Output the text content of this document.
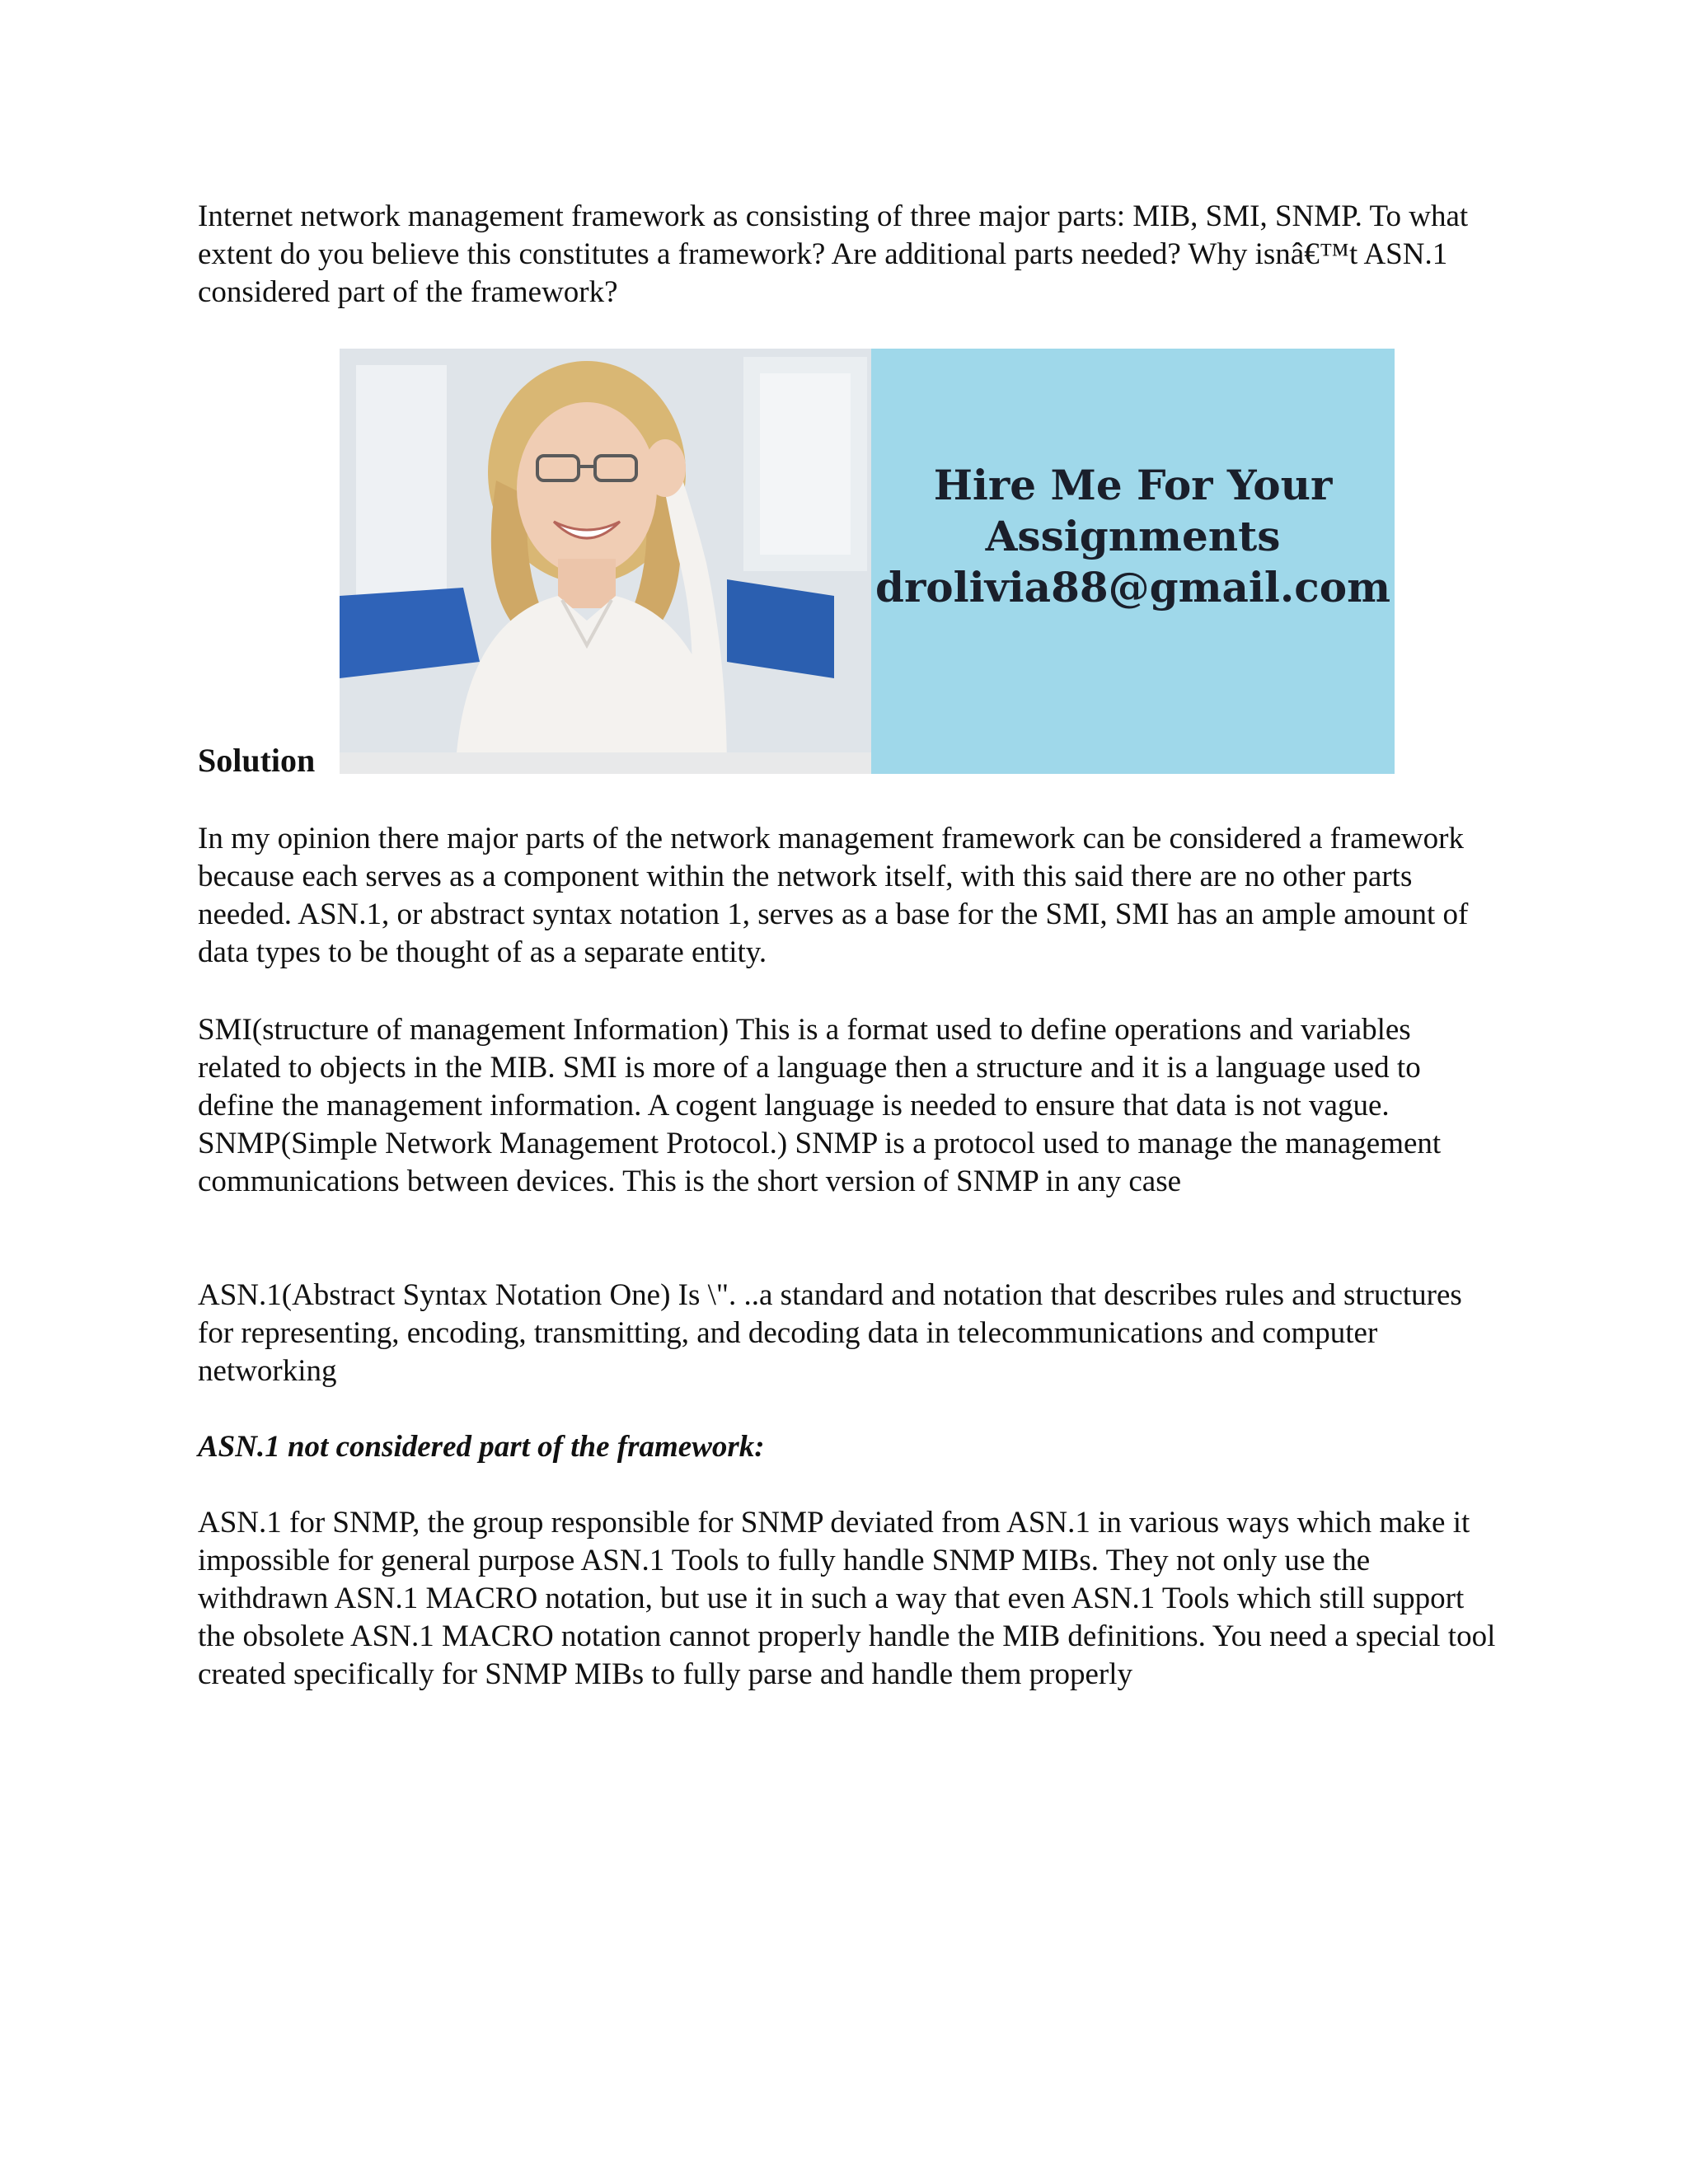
Internet network management framework as consisting of three major parts: MIB, SMI, SNMP. To what extent do you believe this constitutes a framework? Are additional parts needed? Why isnâ€™t ASN.1 considered part of the framework?

Hire Me For Your
Assignments
drolivia88@gmail.com
Solution

In my opinion there major parts of the network management framework can be considered a framework because each serves as a component within the network itself, with this said there are no other parts needed. ASN.1, or abstract syntax notation 1, serves as a base for the SMI, SMI has an ample amount of data types to be thought of as a separate entity.

SMI(structure of management Information) This is a format used to define operations and variables related to objects in the MIB. SMI is more of a language then a structure and it is a language used to define the management information. A cogent language is needed to ensure that data is not vague. SNMP(Simple Network Management Protocol.) SNMP is a protocol used to manage the management communications between devices. This is the short version of SNMP in any case

ASN.1(Abstract Syntax Notation One) Is \". ..a standard and notation that describes rules and structures for representing, encoding, transmitting, and decoding data in telecommunications and computer networking

ASN.1 not considered part of the framework:

ASN.1 for SNMP, the group responsible for SNMP deviated from ASN.1 in various ways which make it impossible for general purpose ASN.1 Tools to fully handle SNMP MIBs. They not only use the withdrawn ASN.1 MACRO notation, but use it in such a way that even ASN.1 Tools which still support the obsolete ASN.1 MACRO notation cannot properly handle the MIB definitions. You need a special tool created specifically for SNMP MIBs to fully parse and handle them properly
